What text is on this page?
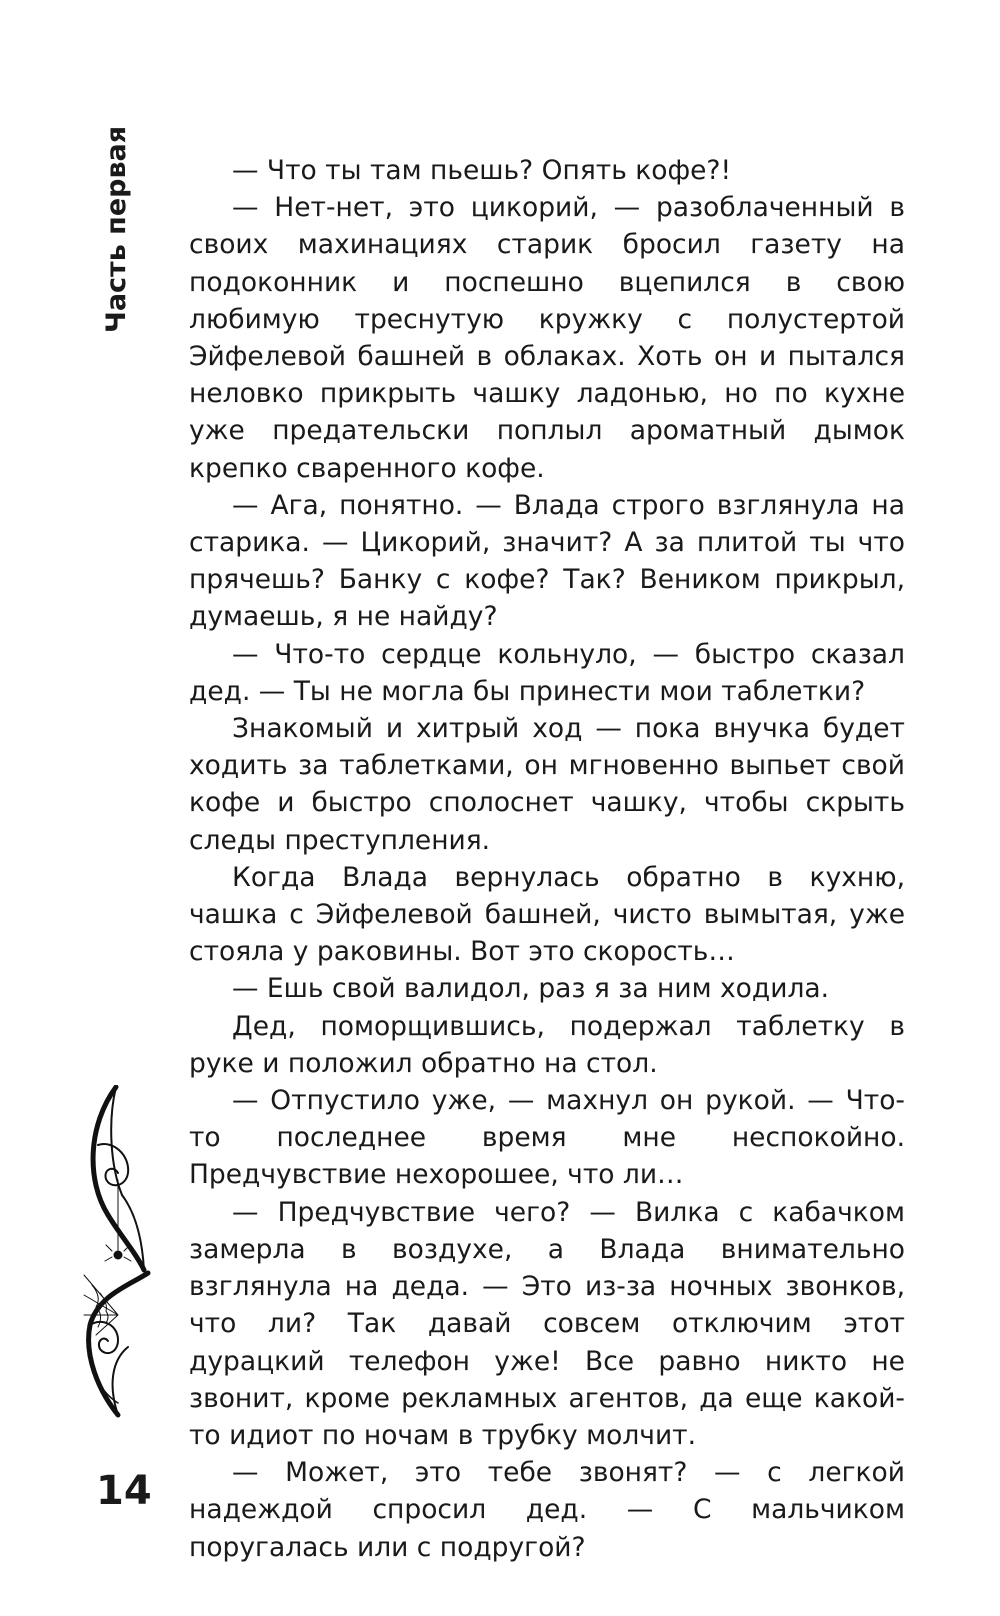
Часть первая
14

— Что ты там пьешь? Опять кофе?!

— Нет-нет, это цикорий, — разоблаченный в своих махинациях старик бросил газету на подоконник и поспешно вцепился в свою любимую треснутую кружку с полустертой Эйфелевой башней в облаках. Хоть он и пытался неловко прикрыть чашку ладонью, но по кухне уже предательски поплыл ароматный дымок крепко сваренного кофе.

— Ага, понятно. — Влада строго взглянула на старика. — Цикорий, значит? А за плитой ты что прячешь? Банку с кофе? Так? Веником прикрыл, думаешь, я не найду?

— Что-то сердце кольнуло, — быстро сказал дед. — Ты не могла бы принести мои таблетки?

Знакомый и хитрый ход — пока внучка будет ходить за таблетками, он мгновенно выпьет свой кофе и быстро сполоснет чашку, чтобы скрыть следы преступления.

Когда Влада вернулась обратно в кухню, чашка с Эйфелевой башней, чисто вымытая, уже стояла у раковины. Вот это скорость…

— Ешь свой валидол, раз я за ним ходила.

Дед, поморщившись, подержал таблетку в руке и положил обратно на стол.

— Отпустило уже, — махнул он рукой. — Что-то последнее время мне неспокойно. Предчувствие нехорошее, что ли…

— Предчувствие чего? — Вилка с кабачком замерла в воздухе, а Влада внимательно взглянула на деда. — Это из-за ночных звонков, что ли? Так давай совсем отключим этот дурацкий телефон уже! Все равно никто не звонит, кроме рекламных агентов, да еще какой-то идиот по ночам в трубку молчит.

— Может, это тебе звонят? — с легкой надеждой спросил дед. — С мальчиком поругалась или с подругой?
